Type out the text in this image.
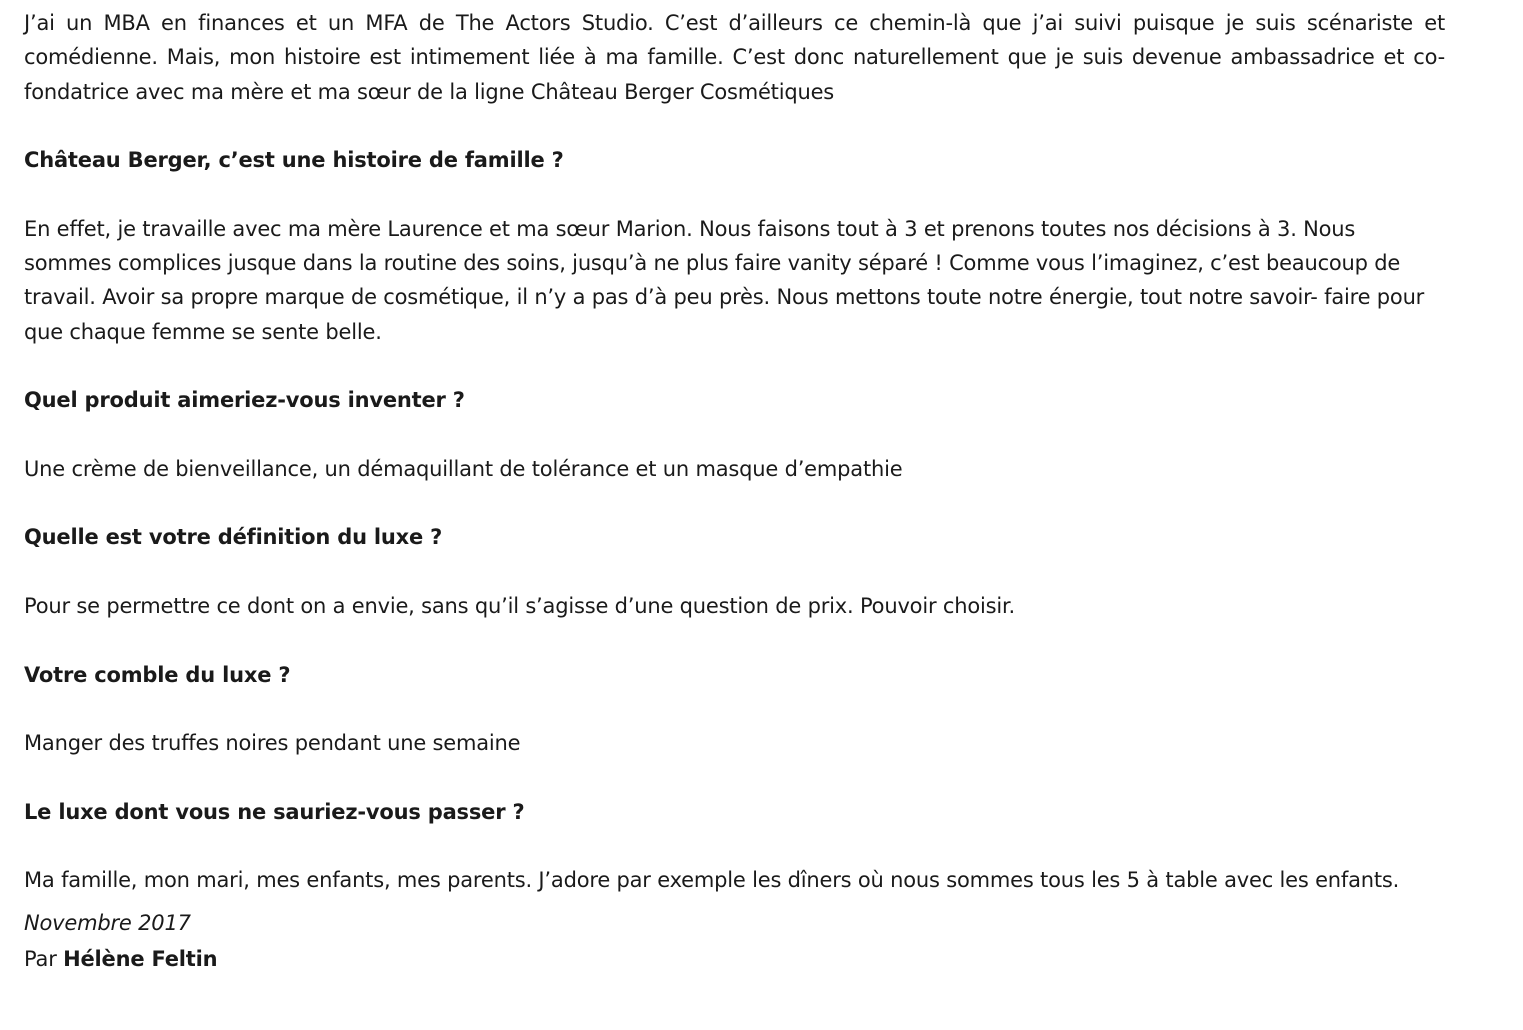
J’ai un MBA en finances et un MFA de The Actors Studio. C’est d’ailleurs ce chemin-là que j’ai suivi puisque je suis scénariste et comédienne. Mais, mon histoire est intimement liée à ma famille. C’est donc naturellement que je suis devenue ambassadrice et co-fondatrice avec ma mère et ma sœur de la ligne Château Berger Cosmétiques

Château Berger, c’est une histoire de famille ?

En effet, je travaille avec ma mère Laurence et ma sœur Marion. Nous faisons tout à 3 et prenons toutes nos décisions à 3. Nous sommes complices jusque dans la routine des soins, jusqu’à ne plus faire vanity séparé ! Comme vous l’imaginez, c’est beaucoup de travail. Avoir sa propre marque de cosmétique, il n’y a pas d’à peu près. Nous mettons toute notre énergie, tout notre savoir- faire pour que chaque femme se sente belle.

Quel produit aimeriez-vous inventer ?

Une crème de bienveillance, un démaquillant de tolérance et un masque d’empathie

Quelle est votre définition du luxe ?

Pour se permettre ce dont on a envie, sans qu’il s’agisse d’une question de prix. Pouvoir choisir.

Votre comble du luxe ?

Manger des truffes noires pendant une semaine

Le luxe dont vous ne sauriez-vous passer ?

Ma famille, mon mari, mes enfants, mes parents. J’adore par exemple les dîners où nous sommes tous les 5 à table avec les enfants.

Novembre 2017

Par Hélène Feltin
